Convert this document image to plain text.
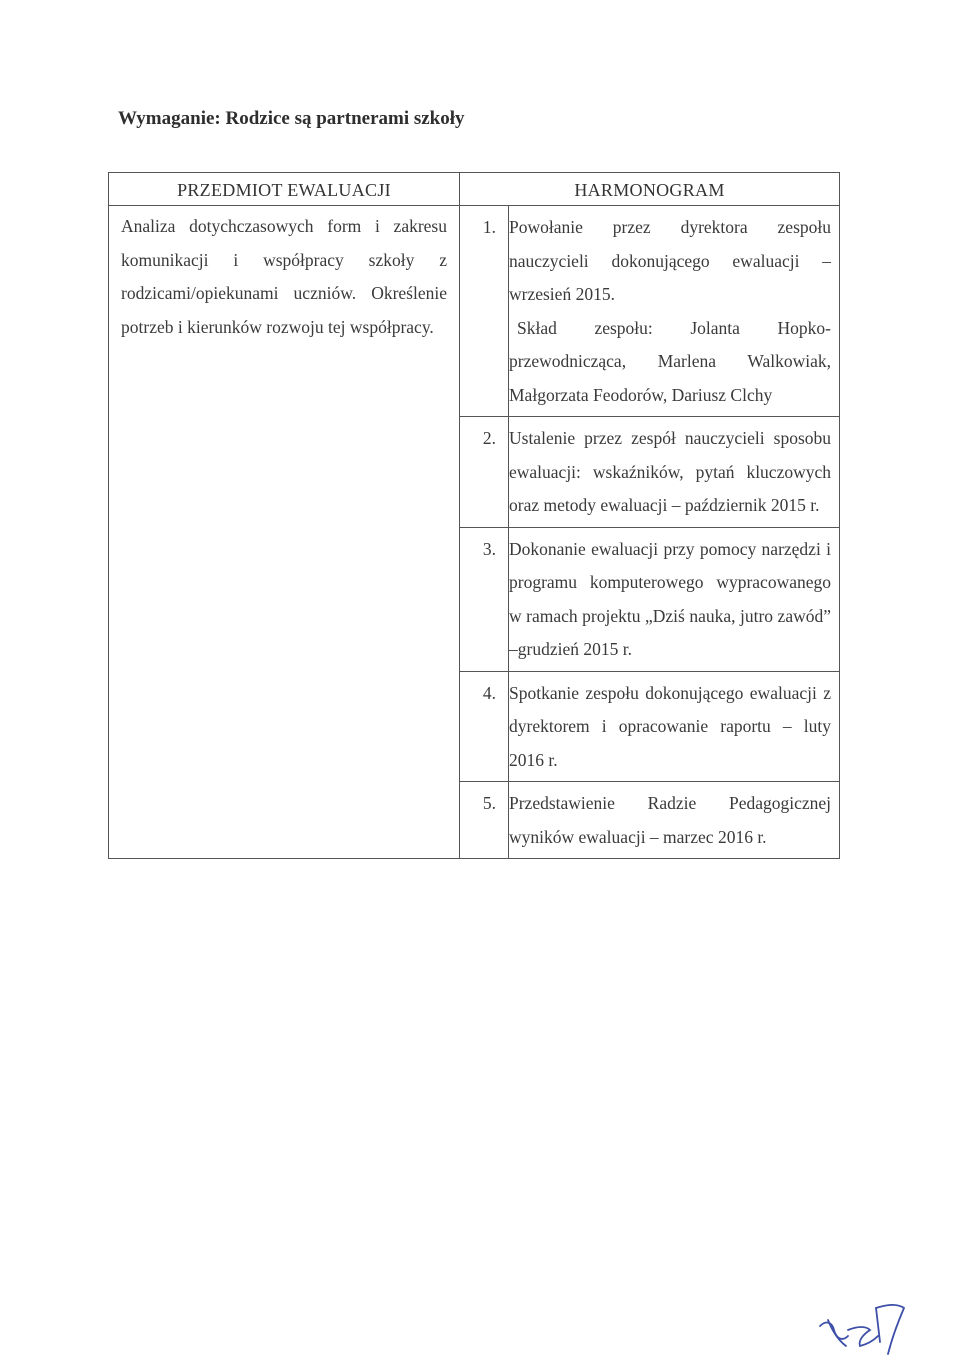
Wymaganie: Rodzice są partnerami szkoły
PRZEDMIOT EWALUACJI	HARMONOGRAM	
Analiza dotychczasowych form i zakresu komunikacji i współpracy szkoły z rodzicami/opiekunami uczniów. Określenie potrzeb i kierunków rozwoju tej współpracy.	1.	Powołanie przez dyrektora zespołu nauczycieli dokonującego ewaluacji – wrzesień 2015.
Skład zespołu: Jolanta Hopko-przewodnicząca, Marlena Walkowiak, Małgorzata Feodorów, Dariusz Clchy

	2.	Ustalenie przez zespół nauczycieli sposobu ewaluacji: wskaźników, pytań kluczowych oraz metody ewaluacji – październik 2015 r.
	3.	Dokonanie ewaluacji przy pomocy narzędzi i programu komputerowego wypracowanego w ramach projektu „Dziś nauka, jutro zawód” –grudzień 2015 r.
	4.	Spotkanie zespołu dokonującego ewaluacji z dyrektorem i opracowanie raportu – luty 2016 r.
	5.	Przedstawienie Radzie Pedagogicznej wyników ewaluacji – marzec 2016 r.
